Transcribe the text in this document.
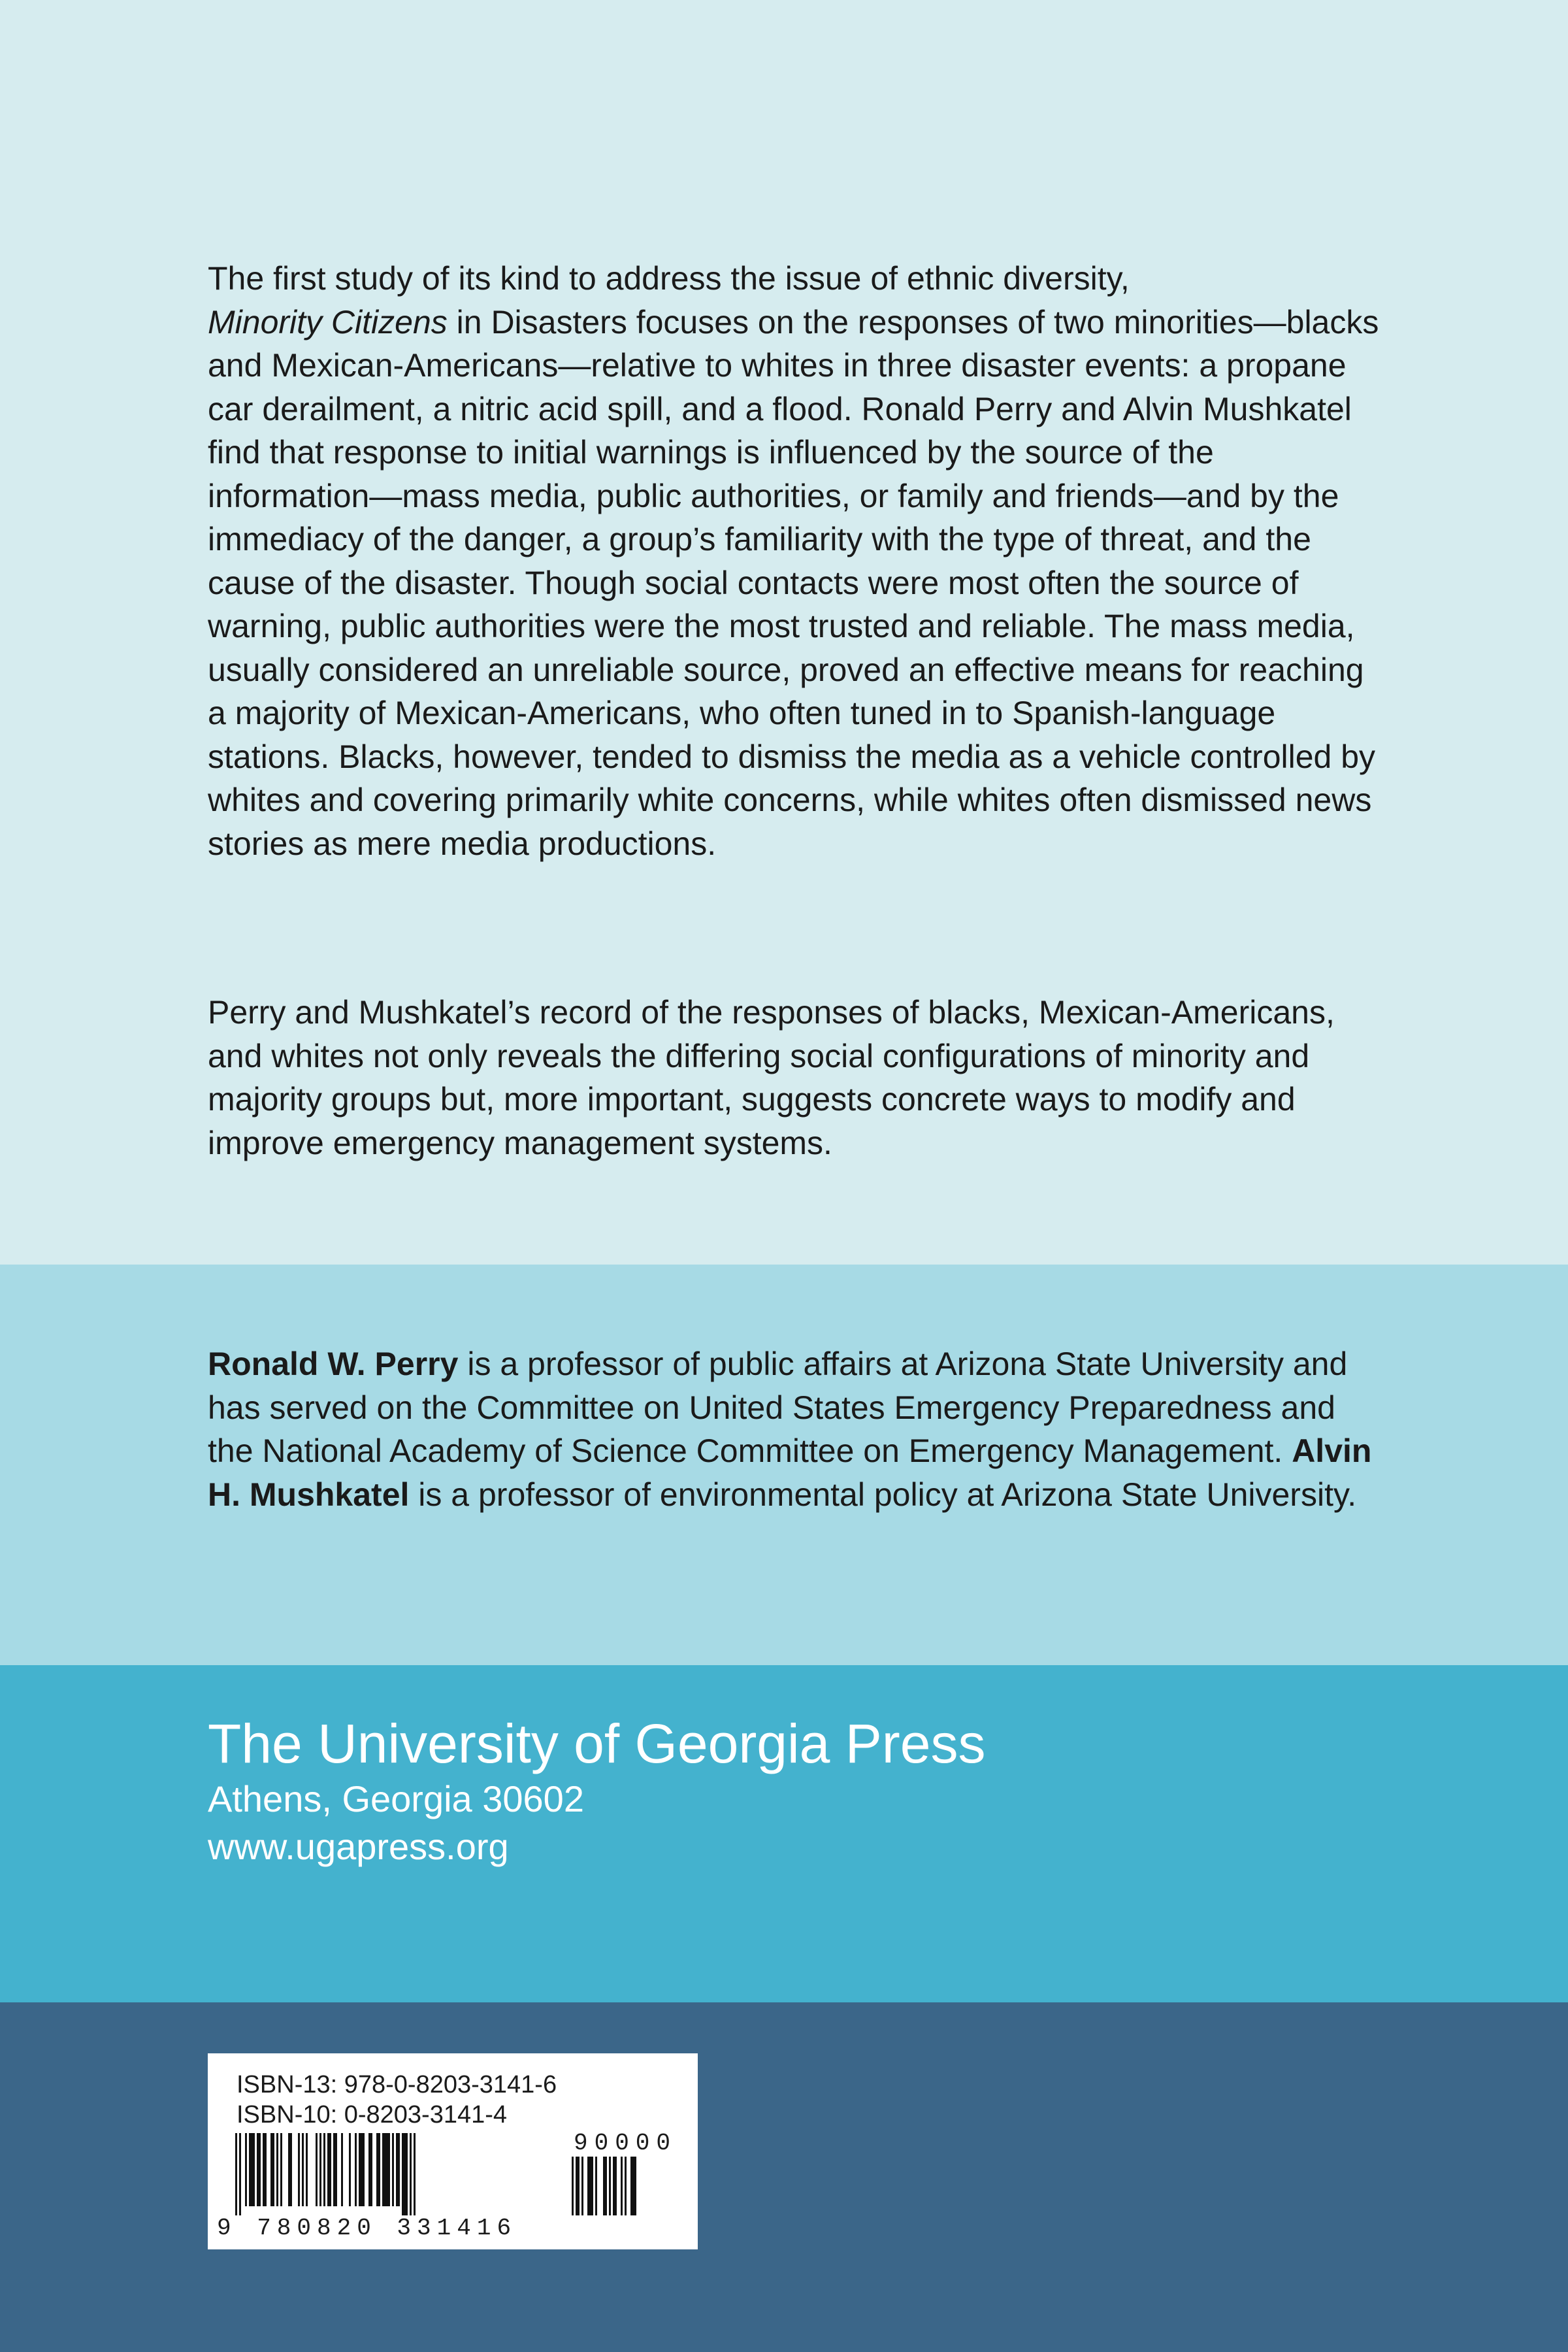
The first study of its kind to address the issue of ethnic diversity,
Minority Citizens in Disasters focuses on the responses of two minorities—blacks and Mexican-Americans—relative to whites in three disaster events: a propane car derailment, a nitric acid spill, and a flood. Ronald Perry and Alvin Mushkatel find that response to initial warnings is influenced by the source of the information—mass media, public authorities, or family and friends—and by the immediacy of the danger, a group’s familiarity with the type of threat, and the cause of the disaster. Though social contacts were most often the source of warning, public authorities were the most trusted and reliable. The mass media, usually considered an unreliable source, proved an effective means for reaching a majority of Mexican-Americans, who often tuned in to Spanish-language stations. Blacks, however, tended to dismiss the media as a vehicle controlled by whites and covering primarily white concerns, while whites often dismissed news stories as mere media productions.

Perry and Mushkatel’s record of the responses of blacks, Mexican-Americans, and whites not only reveals the differing social configurations of minority and majority groups but, more important, suggests concrete ways to modify and improve emergency management systems.

Ronald W. Perry is a professor of public affairs at Arizona State University and has served on the Committee on United States Emergency Preparedness and the National Academy of Science Committee on Emergency Management. Alvin H. Mushkatel is a professor of environmental policy at Arizona State University.

The University of Georgia Press
Athens, Georgia 30602
www.ugapress.org

ISBN-13: 978-0-8203-3141-6

ISBN-10: 0-8203-3141-4

90000
9 780820 331416
